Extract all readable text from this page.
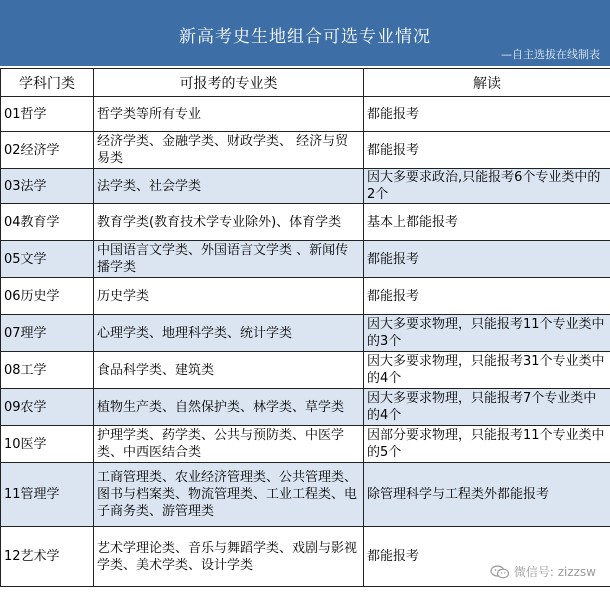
新高考史生地组合可选专业情况
—自主选拔在线制表
学科门类	可报考的专业类	解读
01哲学	哲学类等所有专业	都能报考
02经济学	经济学类、金融学类、财政学类、 经济与贸易类	都能报考
03法学	法学类、社会学类	因大多要求政治,只能报考6个专业类中的2个
04教育学	教育学类(教育技术学专业除外)、体育学类	基本上都能报考
05文学	中国语言文学类、外国语言文学类 、新闻传播学类	都能报考
06历史学	历史学类	都能报考
07理学	心理学类、地理科学类、统计学类	因大多要求物理，只能报考11个专业类中的3个
08工学	食品科学类、建筑类	因大多要求物理，只能报考31个专业类中的4个
09农学	植物生产类、自然保护类、林学类、草学类	因大多要求物理，只能报考7个专业类中的4个
10医学	护理学类、药学类、公共与预防类、中医学类、中西医结合类	因部分要求物理，只能报考11个专业类中的5个
11管理学	工商管理类、农业经济管理类、公共管理类、图书与档案类、物流管理类、工业工程类、电子商务类、游管理类	除管理科学与工程类外都能报考
12艺术学	艺术学理论类、音乐与舞蹈学类、戏剧与影视学类、美术学类、设计学类	都能报考
微信号: zizzsw
